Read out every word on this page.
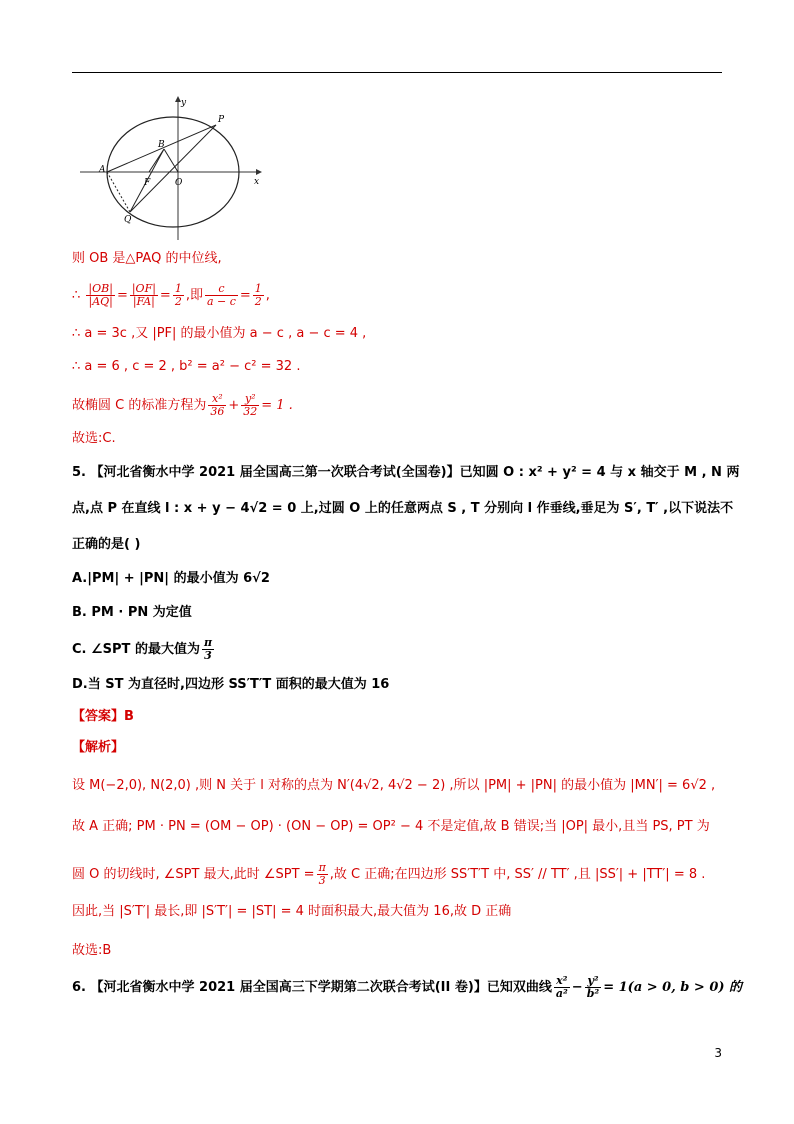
y
x
P
B
A
F	O
Q
则 OB 是△PAQ 的中位线,
∴ $\frac{|OB|}{|AQ|} = \frac{|OF|}{|FA|} = \frac{1}{2}$ ,即 $\frac{c}{a - c} = \frac{1}{2}$ ,
∴ a = 3c ,又 |PF| 的最小值为 a − c , a − c = 4 ,
∴ a = 6 , c = 2 , b² = a² − c² = 32 .
故椭圆 C 的标准方程为 $\frac{\text{x²}}{36} + \frac{\text{y²}}{32} = 1$ .
故选:C.
5. 【河北省衡水中学 2021 届全国高三第一次联合考试(全国卷)】已知圆 O : x² + y² = 4 与 x 轴交于 M , N 两
点,点 P 在直线 l : x + y − 4√2 = 0 上,过圆 O 上的任意两点 S , T 分别向 l 作垂线,垂足为 S′, T′ ,以下说法不
正确的是( )
A.|PM| + |PN| 的最小值为 6√2
B. PM · PN 为定值
C. ∠SPT 的最大值为 $\frac{\pi}{3}$
D.当 ST 为直径时,四边形 SS′T′T 面积的最大值为 16
【答案】B
【解析】
设 M(−2,0), N(2,0) ,则 N 关于 l 对称的点为 N′(4√2, 4√2 − 2) ,所以 |PM| + |PN| 的最小值为 |MN′| = 6√2 ,
故 A 正确; PM · PN = (OM − OP) · (ON − OP) = OP² − 4 不是定值,故 B 错误;当 |OP| 最小,且当 PS, PT 为
圆 O 的切线时, ∠SPT 最大,此时 ∠SPT = $\frac{\pi}{3}$ ,故 C 正确;在四边形 SS′T′T 中, SS′ // TT′ ,且 |SS′| + |TT′| = 8 .
因此,当 |S′T′| 最长,即 |S′T′| = |ST| = 4 时面积最大,最大值为 16,故 D 正确
故选:B
6. 【河北省衡水中学 2021 届全国高三下学期第二次联合考试(II 卷)】已知双曲线 $\frac{\text{x²}}{\text{a²}} - \frac{\text{y²}}{\text{b²}} = 1(a > 0$, b > 0) 的
3
